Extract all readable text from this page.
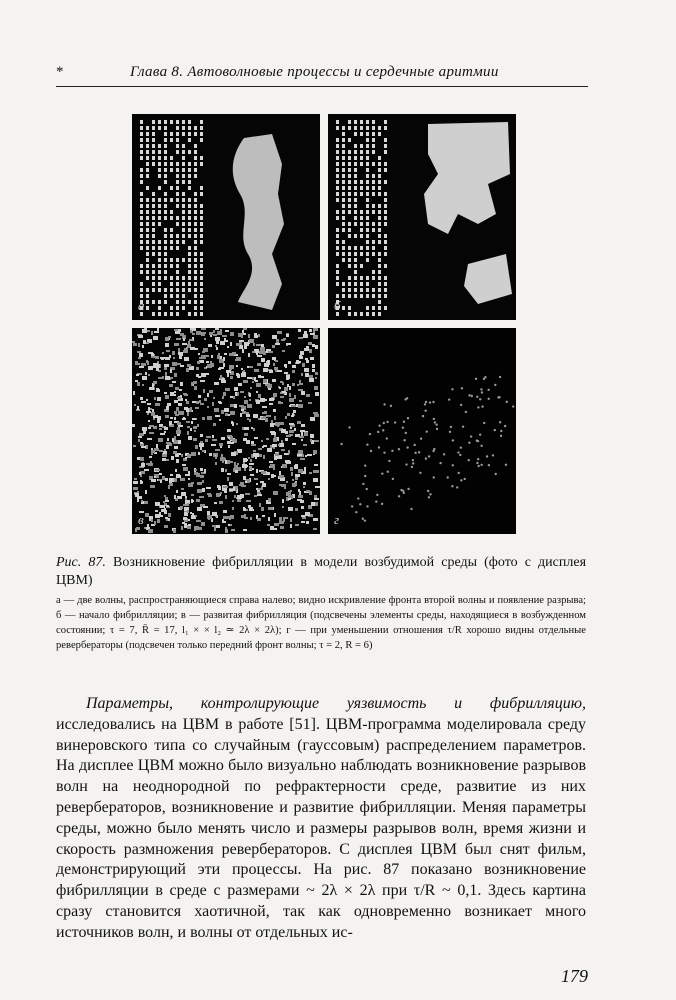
*	Глава 8. Автоволновые процессы и сердечные аритмии
а	б
в	г
Рис. 87. Возникновение фибрилляции в модели возбудимой среды (фото с дисплея ЦВМ)
а — две волны, распространяющиеся справа налево; видно искривление фронта второй волны и появление разрыва; б — начало фибрилляции; в — развитая фибрилляция (подсвечены элементы среды, находящиеся в возбужденном состоянии; τ = 7, R̄ = 17, l₁ × × l₂ ≃ 2λ × 2λ); г — при уменьшении отношения τ/R хорошо видны отдельные ревербераторы (подсвечен только передний фронт волны; τ = 2, R = 6)

Параметры, контролирующие уязвимость и фибрилляцию, исследовались на ЦВМ в работе [51]. ЦВМ-программа моделировала среду винеровского типа со случайным (гауссовым) распределением параметров. На дисплее ЦВМ можно было визуально наблюдать возникновение разрывов волн на неоднородной по рефрактерности среде, развитие из них ревербераторов, возникновение и развитие фибрилляции. Меняя параметры среды, можно было менять число и размеры разрывов волн, время жизни и скорость размножения ревербераторов. С дисплея ЦВМ был снят фильм, демонстрирующий эти процессы. На рис. 87 показано возникновение фибрилляции в среде с размерами ~ 2λ × 2λ при τ/R ~ 0,1. Здесь картина сразу становится хаотичной, так как одновременно возникает много источников волн, и волны от отдельных ис-

179
